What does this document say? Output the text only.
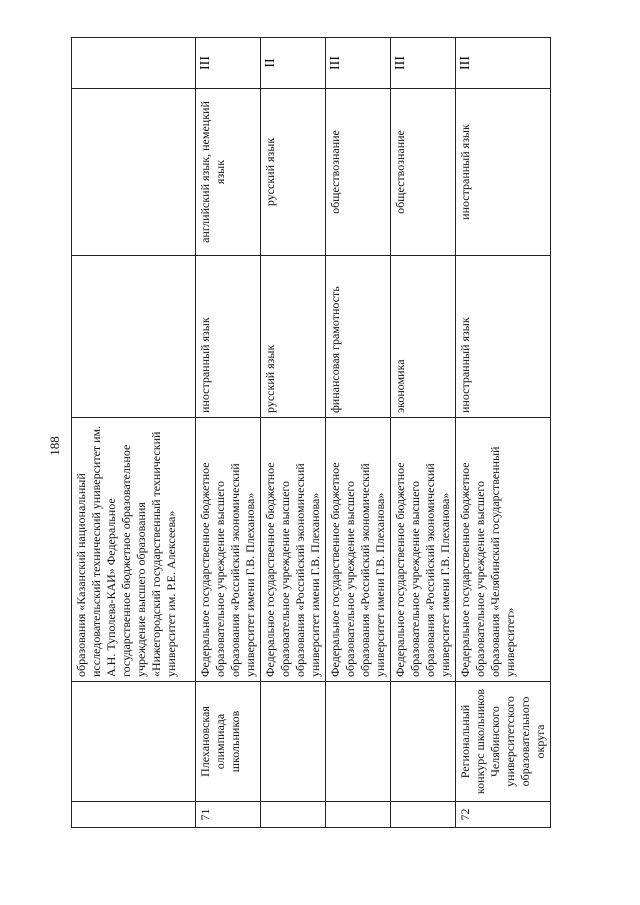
188
		образования «Казанский национальный исследовательский технический университет им. А.Н. Туполева-КАИ» Федеральное государственное бюджетное образовательное учреждение высшего образования «Нижегородский государственный технический университет им. Р.Е. Алексеева»			
71	Плехановская олимпиада школьников	Федеральное государственное бюджетное образовательное учреждение высшего образования «Российский экономический университет имени Г.В. Плеханова»	иностранный язык	английский язык, немецкий язык	III
		Федеральное государственное бюджетное образовательное учреждение высшего образования «Российский экономический университет имени Г.В. Плеханова»	русский язык	русский язык	II
		Федеральное государственное бюджетное образовательное учреждение высшего образования «Российский экономический университет имени Г.В. Плеханова»	финансовая грамотность	обществознание	III
		Федеральное государственное бюджетное образовательное учреждение высшего образования «Российский экономический университет имени Г.В. Плеханова»	экономика	обществознание	III
72	Региональный конкурс школьников Челябинского университетского образовательного округа	Федеральное государственное бюджетное образовательное учреждение высшего образования «Челябинский государственный университет»	иностранный язык	иностранный язык	III
